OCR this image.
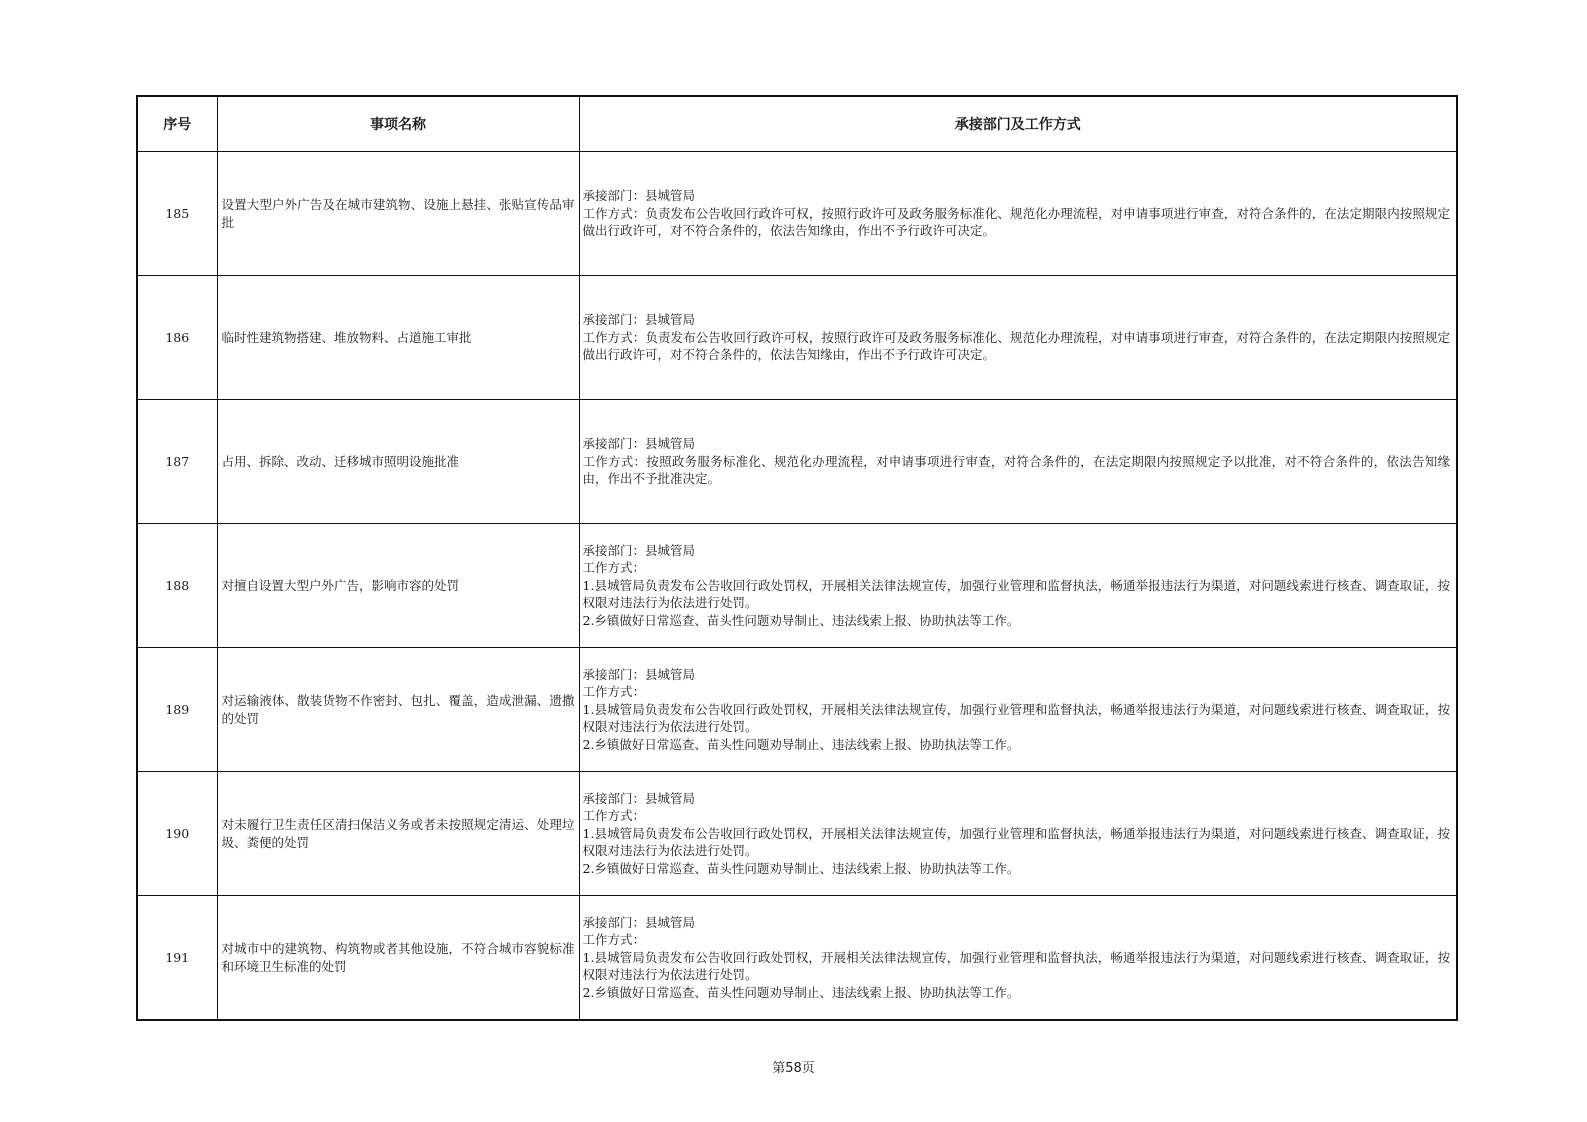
序号	事项名称	承接部门及工作方式
185	设置大型户外广告及在城市建筑物、设施上悬挂、张贴宣传品审批	承接部门：县城管局
工作方式：负责发布公告收回行政许可权，按照行政许可及政务服务标准化、规范化办理流程，对申请事项进行审查，对符合条件的，在法定期限内按照规定做出行政许可，对不符合条件的，依法告知缘由，作出不予行政许可决定。

186	临时性建筑物搭建、堆放物料、占道施工审批	承接部门：县城管局
工作方式：负责发布公告收回行政许可权，按照行政许可及政务服务标准化、规范化办理流程，对申请事项进行审查，对符合条件的，在法定期限内按照规定做出行政许可，对不符合条件的，依法告知缘由，作出不予行政许可决定。

187	占用、拆除、改动、迁移城市照明设施批准	承接部门：县城管局
工作方式：按照政务服务标准化、规范化办理流程，对申请事项进行审查，对符合条件的，在法定期限内按照规定予以批准，对不符合条件的，依法告知缘由，作出不予批准决定。

188	对擅自设置大型户外广告，影响市容的处罚	承接部门：县城管局
工作方式：
1.县城管局负责发布公告收回行政处罚权，开展相关法律法规宣传，加强行业管理和监督执法，畅通举报违法行为渠道，对问题线索进行核查、调查取证，按权限对违法行为依法进行处罚。
2.乡镇做好日常巡查、苗头性问题劝导制止、违法线索上报、协助执法等工作。

189	对运输液体、散装货物不作密封、包扎、覆盖，造成泄漏、遗撒的处罚	承接部门：县城管局
工作方式：
1.县城管局负责发布公告收回行政处罚权，开展相关法律法规宣传，加强行业管理和监督执法，畅通举报违法行为渠道，对问题线索进行核查、调查取证，按权限对违法行为依法进行处罚。
2.乡镇做好日常巡查、苗头性问题劝导制止、违法线索上报、协助执法等工作。

190	对未履行卫生责任区清扫保洁义务或者未按照规定清运、处理垃圾、粪便的处罚	承接部门：县城管局
工作方式：
1.县城管局负责发布公告收回行政处罚权，开展相关法律法规宣传，加强行业管理和监督执法，畅通举报违法行为渠道，对问题线索进行核查、调查取证，按权限对违法行为依法进行处罚。
2.乡镇做好日常巡查、苗头性问题劝导制止、违法线索上报、协助执法等工作。

191	对城市中的建筑物、构筑物或者其他设施，不符合城市容貌标准和环境卫生标准的处罚	承接部门：县城管局
工作方式：
1.县城管局负责发布公告收回行政处罚权，开展相关法律法规宣传，加强行业管理和监督执法，畅通举报违法行为渠道，对问题线索进行核查、调查取证，按权限对违法行为依法进行处罚。
2.乡镇做好日常巡查、苗头性问题劝导制止、违法线索上报、协助执法等工作。
第58页
